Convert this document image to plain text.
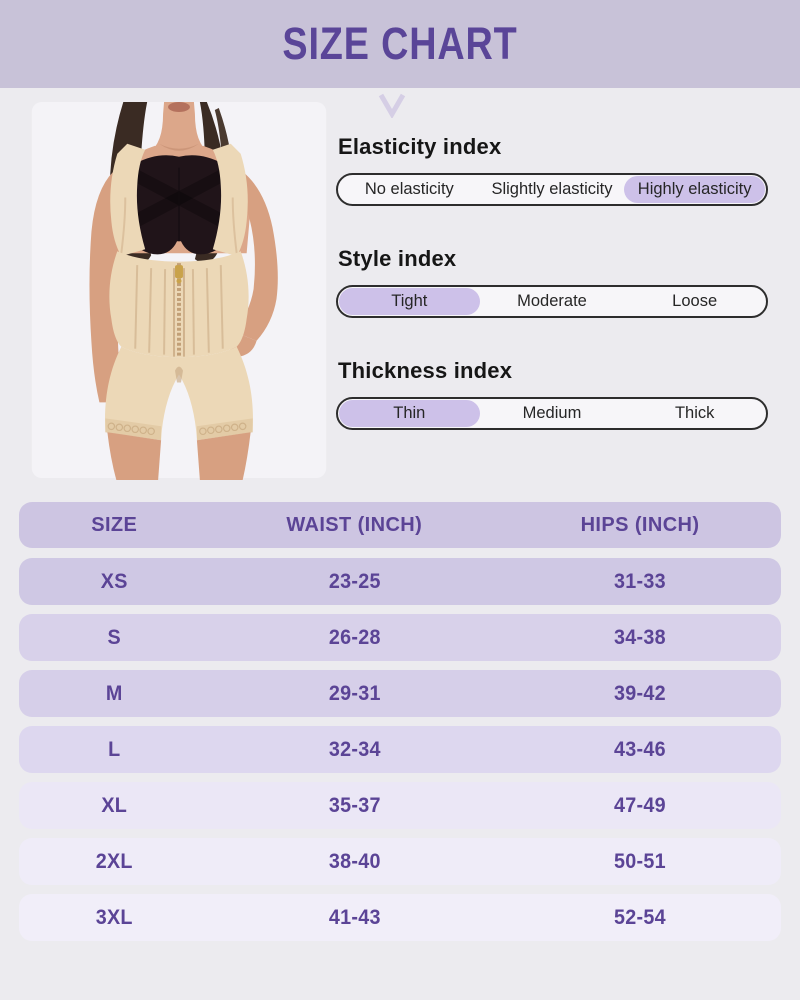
SIZE CHART
Elasticity index
No elasticity	Slightly elasticity	Highly elasticity
Style index
Tight	Moderate	Loose
Thickness index
Thin	Medium	Thick
SIZE	WAIST (INCH)	HIPS (INCH)
XS	23-25	31-33
S	26-28	34-38
M	29-31	39-42
L	32-34	43-46
XL	35-37	47-49
2XL	38-40	50-51
3XL	41-43	52-54
